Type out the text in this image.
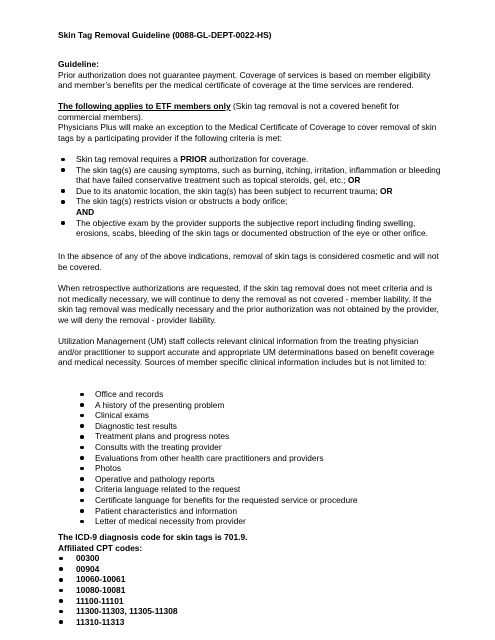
Skin Tag Removal Guideline (0088-GL-DEPT-0022-HS)

Guideline:

Prior authorization does not guarantee payment. Coverage of services is based on member eligibility and member’s benefits per the medical certificate of coverage at the time services are rendered.

The following applies to ETF members only (Skin tag removal is not a covered benefit for commercial members).

Physicians Plus will make an exception to the Medical Certificate of Coverage to cover removal of skin tags by a participating provider if the following criteria is met:

Skin tag removal requires a PRIOR authorization for coverage.
The skin tag(s) are causing symptoms, such as burning, itching, irritation, inflammation or bleeding that have failed conservative treatment such as topical steroids, gel, etc.; OR
Due to its anatomic location, the skin tag(s) has been subject to recurrent trauma; OR
The skin tag(s) restricts vision or obstructs a body orifice;
AND
The objective exam by the provider supports the subjective report including finding swelling, erosions, scabs, bleeding of the skin tags or documented obstruction of the eye or other orifice.

In the absence of any of the above indications, removal of skin tags is considered cosmetic and will not be covered.

When retrospective authorizations are requested, if the skin tag removal does not meet criteria and is not medically necessary, we will continue to deny the removal as not covered - member liability. If the skin tag removal was medically necessary and the prior authorization was not obtained by the provider, we will deny the removal - provider liability.

Utilization Management (UM) staff collects relevant clinical information from the treating physician and/or practitioner to support accurate and appropriate UM determinations based on benefit coverage and medical necessity. Sources of member specific clinical information includes but is not limited to:

Office and records
A history of the presenting problem
Clinical exams
Diagnostic test results
Treatment plans and progress notes
Consults with the treating provider
Evaluations from other health care practitioners and providers
Photos
Operative and pathology reports
Criteria language related to the request
Certificate language for benefits for the requested service or procedure
Patient characteristics and information
Letter of medical necessity from provider

The ICD-9 diagnosis code for skin tags is 701.9.

Affiliated CPT codes:

00300
00904
10060-10061
10080-10081
11100-11101
11300-11303, 11305-11308
11310-11313
